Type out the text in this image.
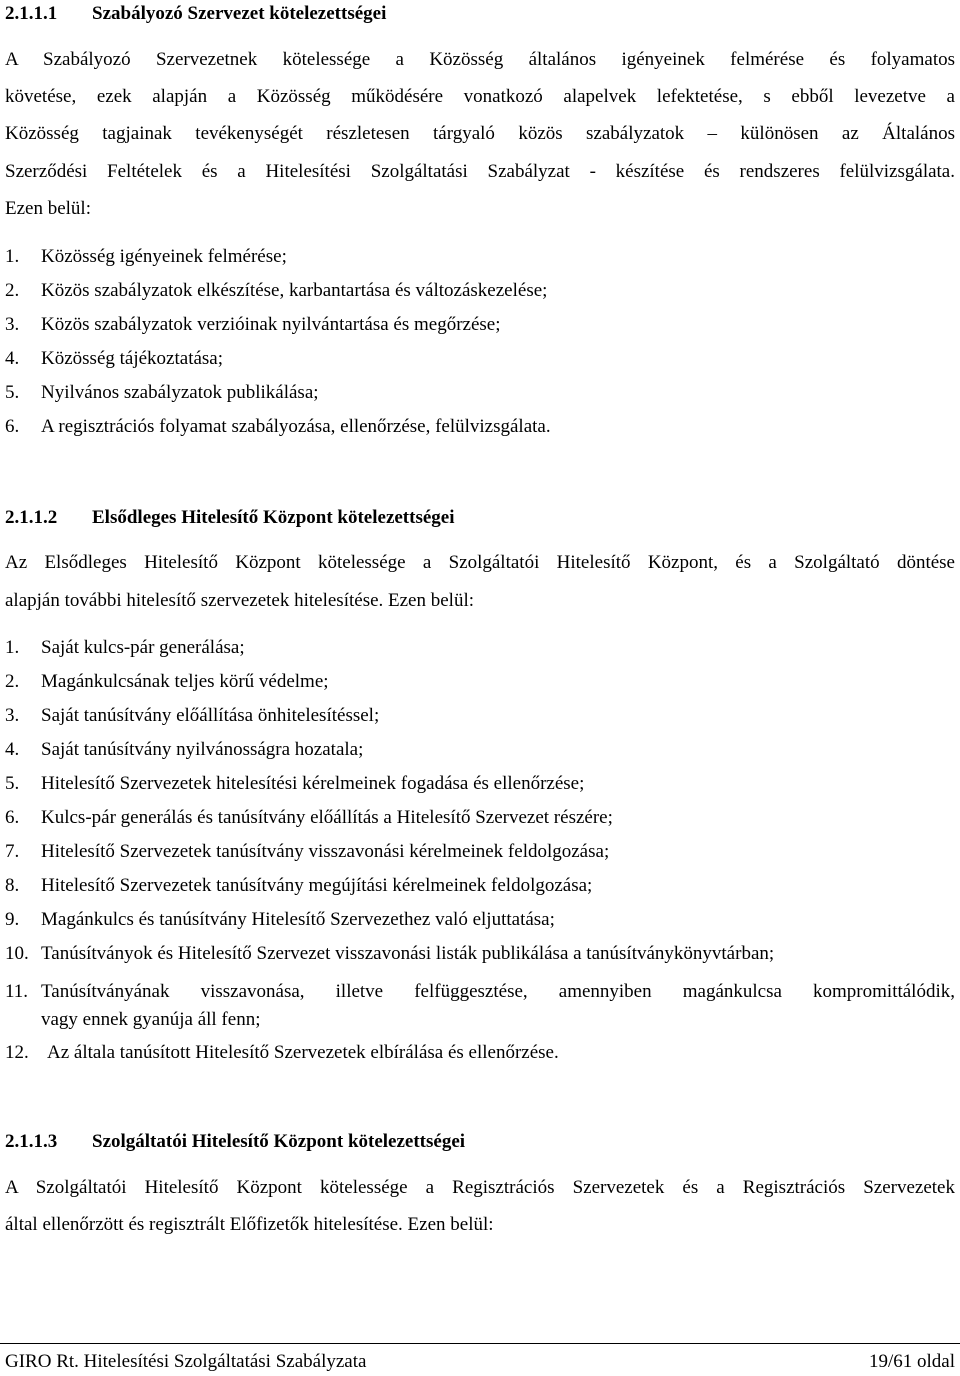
2.1.1.1 Szabályozó Szervezet kötelezettségei
A Szabályozó Szervezetnek kötelessége a Közösség általános igényeinek felmérése és folyamatos
követése, ezek alapján a Közösség működésére vonatkozó alapelvek lefektetése, s ebből levezetve a
Közösség tagjainak tevékenységét részletesen tárgyaló közös szabályzatok – különösen az Általános
Szerződési Feltételek és a Hitelesítési Szolgáltatási Szabályzat - készítése és rendszeres felülvizsgálata.
Ezen belül:
1. Közösség igényeinek felmérése;
2. Közös szabályzatok elkészítése, karbantartása és változáskezelése;
3. Közös szabályzatok verzióinak nyilvántartása és megőrzése;
4. Közösség tájékoztatása;
5. Nyilvános szabályzatok publikálása;
6. A regisztrációs folyamat szabályozása, ellenőrzése, felülvizsgálata.
2.1.1.2 Elsődleges Hitelesítő Központ kötelezettségei
Az Elsődleges Hitelesítő Központ kötelessége a Szolgáltatói Hitelesítő Központ, és a Szolgáltató döntése
alapján további hitelesítő szervezetek hitelesítése. Ezen belül:
1. Saját kulcs-pár generálása;
2. Magánkulcsának teljes körű védelme;
3. Saját tanúsítvány előállítása önhitelesítéssel;
4. Saját tanúsítvány nyilvánosságra hozatala;
5. Hitelesítő Szervezetek hitelesítési kérelmeinek fogadása és ellenőrzése;
6. Kulcs-pár generálás és tanúsítvány előállítás a Hitelesítő Szervezet részére;
7. Hitelesítő Szervezetek tanúsítvány visszavonási kérelmeinek feldolgozása;
8. Hitelesítő Szervezetek tanúsítvány megújítási kérelmeinek feldolgozása;
9. Magánkulcs és tanúsítvány Hitelesítő Szervezethez való eljuttatása;
10. Tanúsítványok és Hitelesítő Szervezet visszavonási listák publikálása a tanúsítványkönyvtárban;
11. Tanúsítványának visszavonása, illetve felfüggesztése, amennyiben magánkulcsa kompromittálódik,
vagy ennek gyanúja áll fenn;
12. Az általa tanúsított Hitelesítő Szervezetek elbírálása és ellenőrzése.
2.1.1.3 Szolgáltatói Hitelesítő Központ kötelezettségei
A Szolgáltatói Hitelesítő Központ kötelessége a Regisztrációs Szervezetek és a Regisztrációs Szervezetek
által ellenőrzött és regisztrált Előfizetők hitelesítése. Ezen belül:
GIRO Rt. Hitelesítési Szolgáltatási Szabályzata	19/61 oldal
